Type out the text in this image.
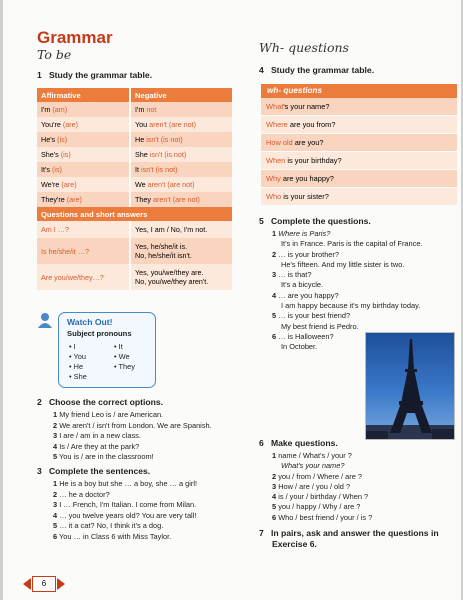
Grammar
To be
1 Study the grammar table.
Affirmative	Negative
I'm (am)	I'm not
You're (are)	You aren't (are not)
He's (is)	He isn't (is not)
She's (is)	She isn't (is not)
It's (is)	It isn't (is not)
We're (are)	We aren't (are not)
They're (are)	They aren't (are not)
Questions and short answers	
Am I …?	Yes, I am / No, I'm not.
Is he/she/it …?	Yes, he/she/it is.
No, he/she/it isn't.

Are you/we/they…?	Yes, you/we/they are.
No, you/we/they aren't.
Watch Out!
Subject pronouns
• I
• You
• He
• She
• It
• We
• They
2 Choose the correct options.
1 My friend Leo is / are American.
2 We aren't / isn't from London. We are Spanish.
3 I are / am in a new class.
4 Is / Are they at the park?
5 You is / are in the classroom!
3 Complete the sentences.
1 He is a boy but she … a boy, she … a girl!
2 … he a doctor?
3 I … French, I'm Italian. I come from Milan.
4 … you twelve years old? You are very tall!
5 … it a cat? No, I think it's a dog.
6 You … in Class 6 with Miss Taylor.
6
Wh- questions
4 Study the grammar table.
wh- questions
What's your name?
Where are you from?
How old are you?
When is your birthday?
Why are you happy?
Who is your sister?
5 Complete the questions.
1 Where is Paris?
It's in France. Paris is the capital of France.
2 … is your brother?
He's fifteen. And my little sister is two.
3 … is that?
It's a bicycle.
4 … are you happy?
I am happy because it's my birthday today.
5 … is your best friend?
My best friend is Pedro.
6 … is Halloween?
In October.
6 Make questions.
1 name / What's / your ?
What's your name?
2 you / from / Where / are ?
3 How / are / you / old ?
4 is / your / birthday / When ?
5 you / happy / Why / are ?
6 Who / best friend / your / is ?
7 In pairs, ask and answer the questions in
Exercise 6.
